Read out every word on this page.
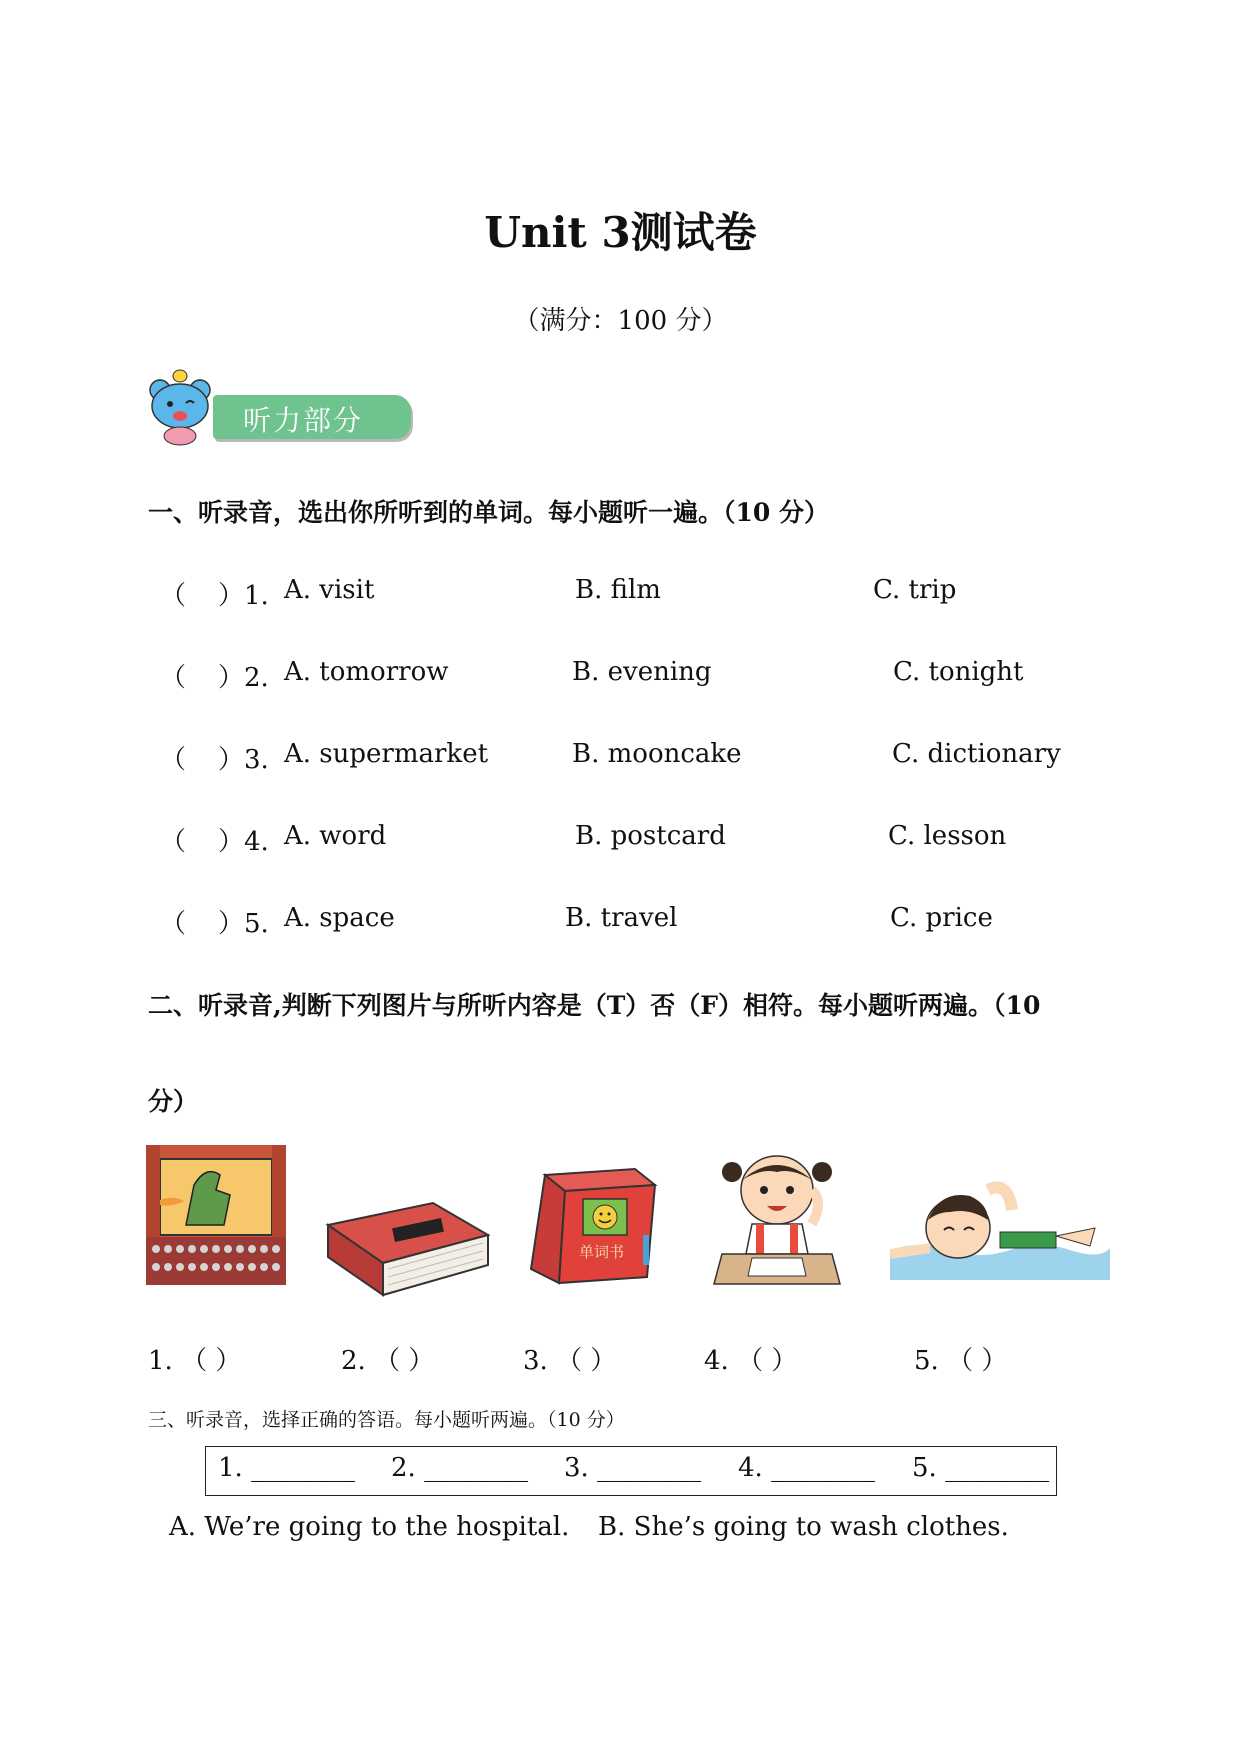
Unit 3测试卷
（满分：100 分）
听力部分
一、听录音，选出你所听到的单词。每小题听一遍。（10 分）
（ ）1. A. visit	B. film	C. trip
（ ）2. A. tomorrow	B. evening	C. tonight
（ ）3. A. supermarket	B. mooncake	C. dictionary
（ ）4. A. word	B. postcard	C. lesson
（ ）5. A. space	B. travel	C. price
二、听录音,判断下列图片与所听内容是（T）否（F）相符。每小题听两遍。（10
分）
单词书
1. （ ）	2. （ ）	3. （ ）	4. （ ）	5. （ ）
三、听录音，选择正确的答语。每小题听两遍。（10 分）
1. ________ 2. ________ 3. ________ 4. ________ 5. ________
A. We’re going to the hospital. B. She’s going to wash clothes.
